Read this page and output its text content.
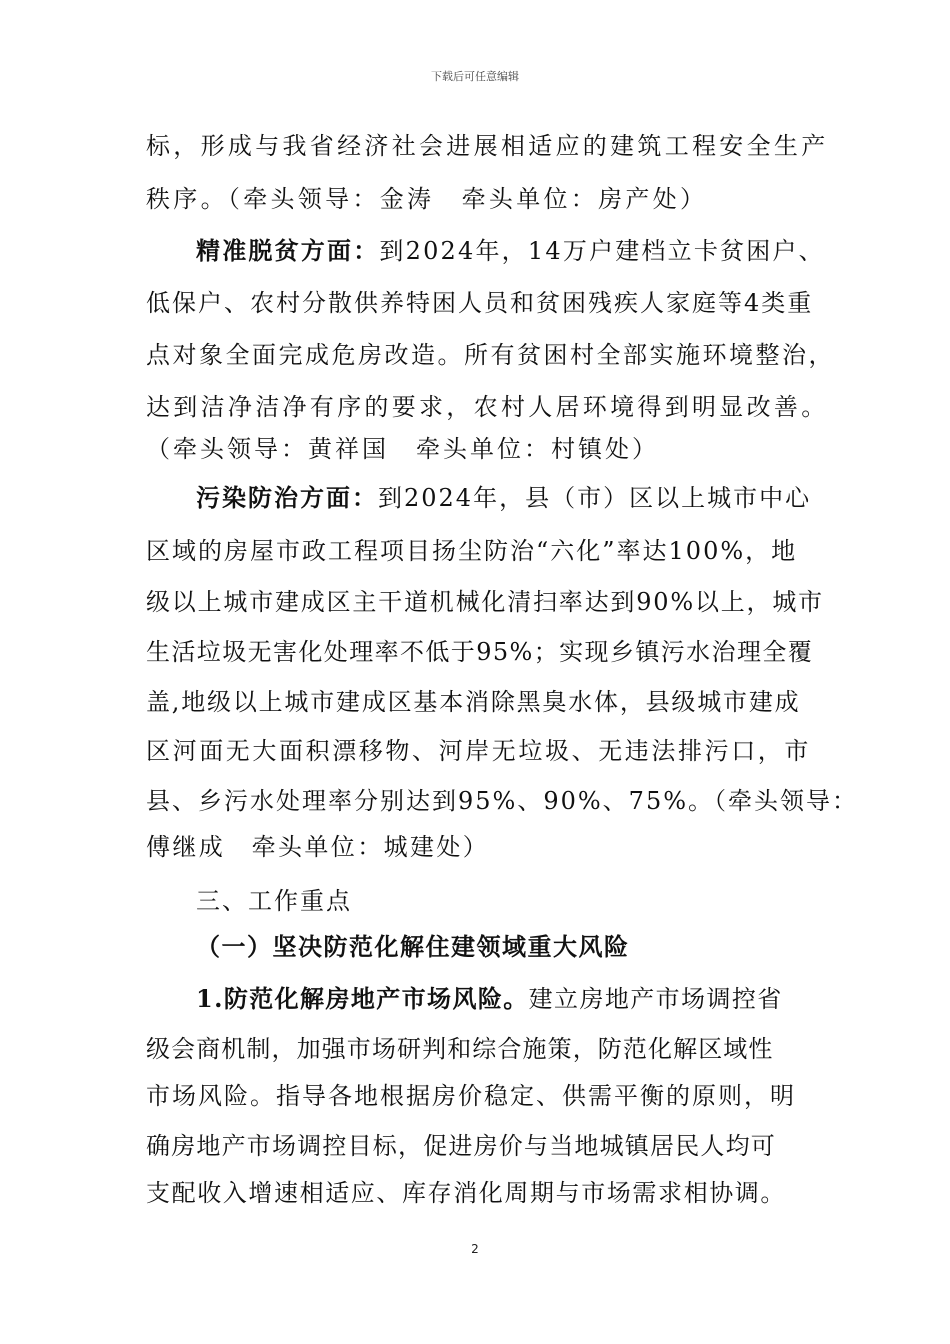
下载后可任意编辑
标，形成与我省经济社会进展相适应的建筑工程安全生产
秩序。（牵头领导：金涛　牵头单位：房产处）
精准脱贫方面：到2024年，14万户建档立卡贫困户、
低保户、农村分散供养特困人员和贫困残疾人家庭等4类重
点对象全面完成危房改造。所有贫困村全部实施环境整治，
达到洁净洁净有序的要求，农村人居环境得到明显改善。
（牵头领导：黄祥国　牵头单位：村镇处）
污染防治方面：到2024年，县（市）区以上城市中心
区域的房屋市政工程项目扬尘防治“六化”率达100%，地
级以上城市建成区主干道机械化清扫率达到90%以上，城市
生活垃圾无害化处理率不低于95%；实现乡镇污水治理全覆
盖,地级以上城市建成区基本消除黑臭水体，县级城市建成
区河面无大面积漂移物、河岸无垃圾、无违法排污口，市
县、乡污水处理率分别达到95%、90%、75%。（牵头领导：
傅继成　牵头单位：城建处）
三、工作重点
（一）坚决防范化解住建领域重大风险
1.防范化解房地产市场风险。建立房地产市场调控省
级会商机制，加强市场研判和综合施策，防范化解区域性
市场风险。指导各地根据房价稳定、供需平衡的原则，明
确房地产市场调控目标，促进房价与当地城镇居民人均可
支配收入增速相适应、库存消化周期与市场需求相协调。
2
